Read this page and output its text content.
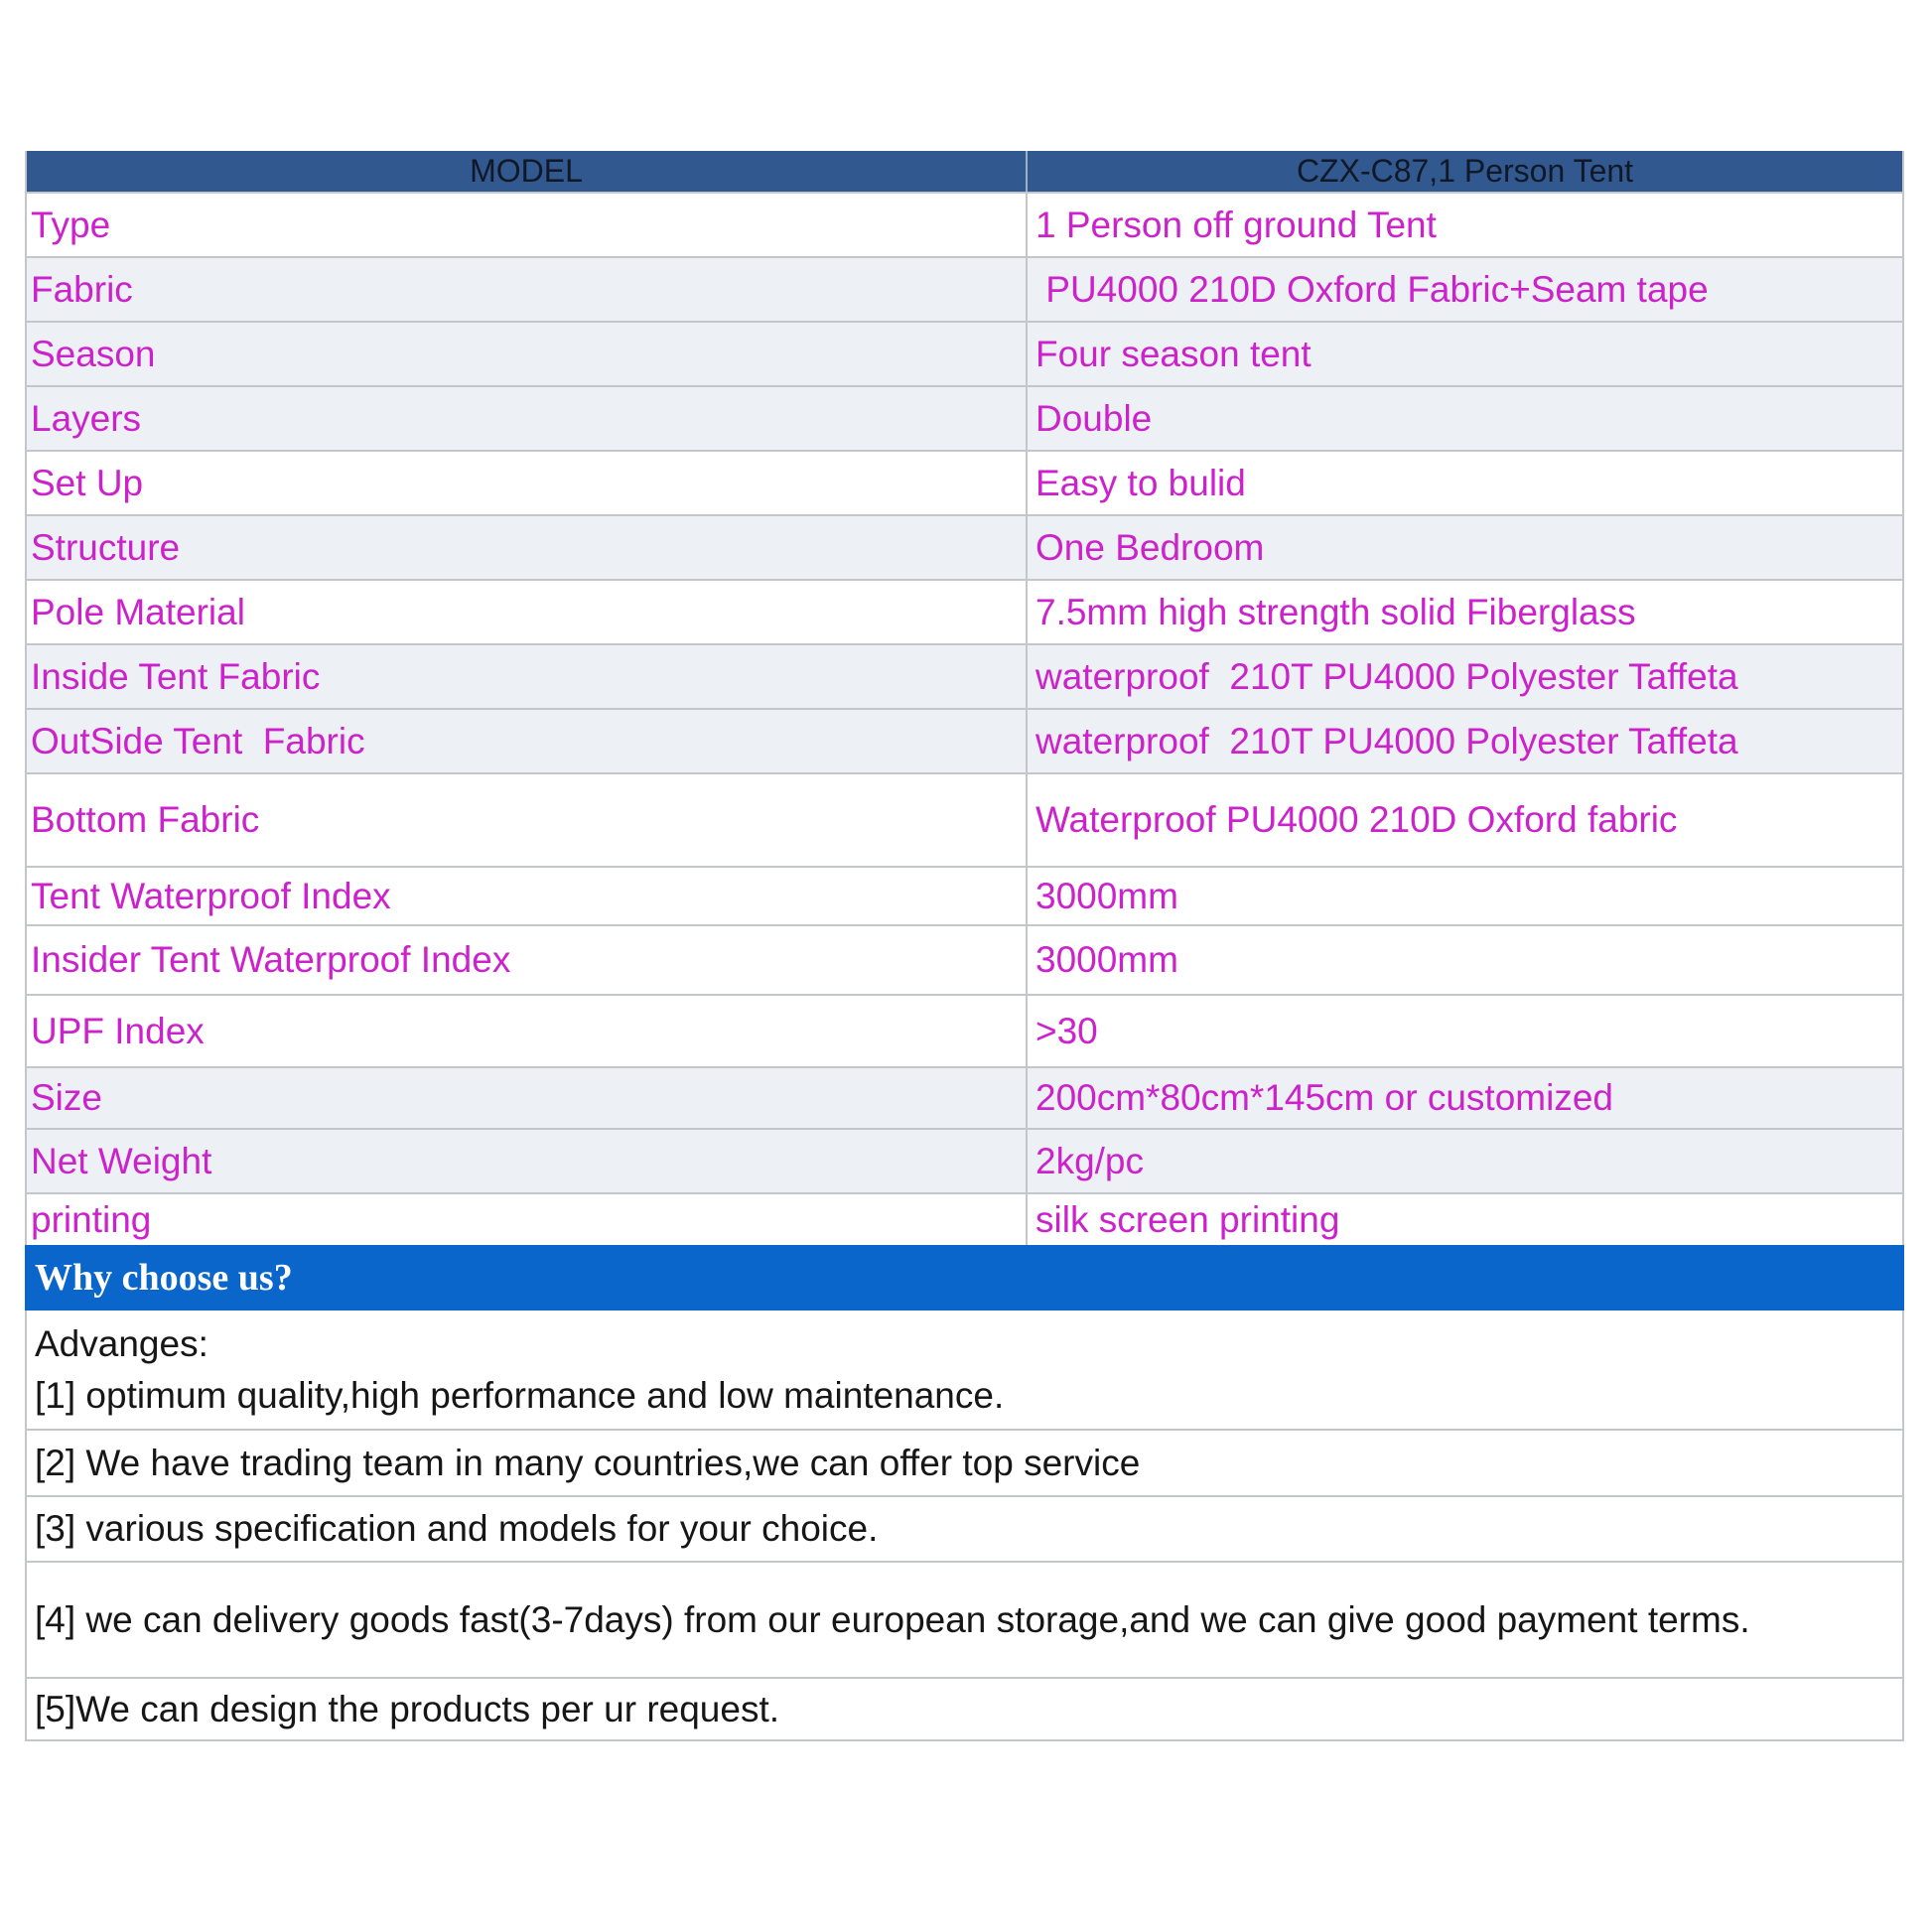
MODEL	CZX-C87,1 Person Tent
Type	1 Person off ground Tent
Fabric	PU4000 210D Oxford Fabric+Seam tape
Season	Four season tent
Layers	Double
Set Up	Easy to bulid
Structure	One Bedroom
Pole Material	7.5mm high strength solid Fiberglass
Inside Tent Fabric	waterproof  210T PU4000 Polyester Taffeta
OutSide Tent  Fabric	waterproof  210T PU4000 Polyester Taffeta
Bottom Fabric	Waterproof PU4000 210D Oxford fabric
Tent Waterproof Index	3000mm
Insider Tent Waterproof Index	3000mm
UPF Index	>30
Size	200cm*80cm*145cm or customized
Net Weight	2kg/pc
printing	silk screen printing
Why choose us?

Advanges:

[1] optimum quality,high performance and low maintenance.

[2] We have trading team in many countries,we can offer top service

[3] various specification and models for your choice.

[4] we can delivery goods fast(3-7days) from our european storage,and we can give good payment terms.

[5]We can design the products per ur request.
